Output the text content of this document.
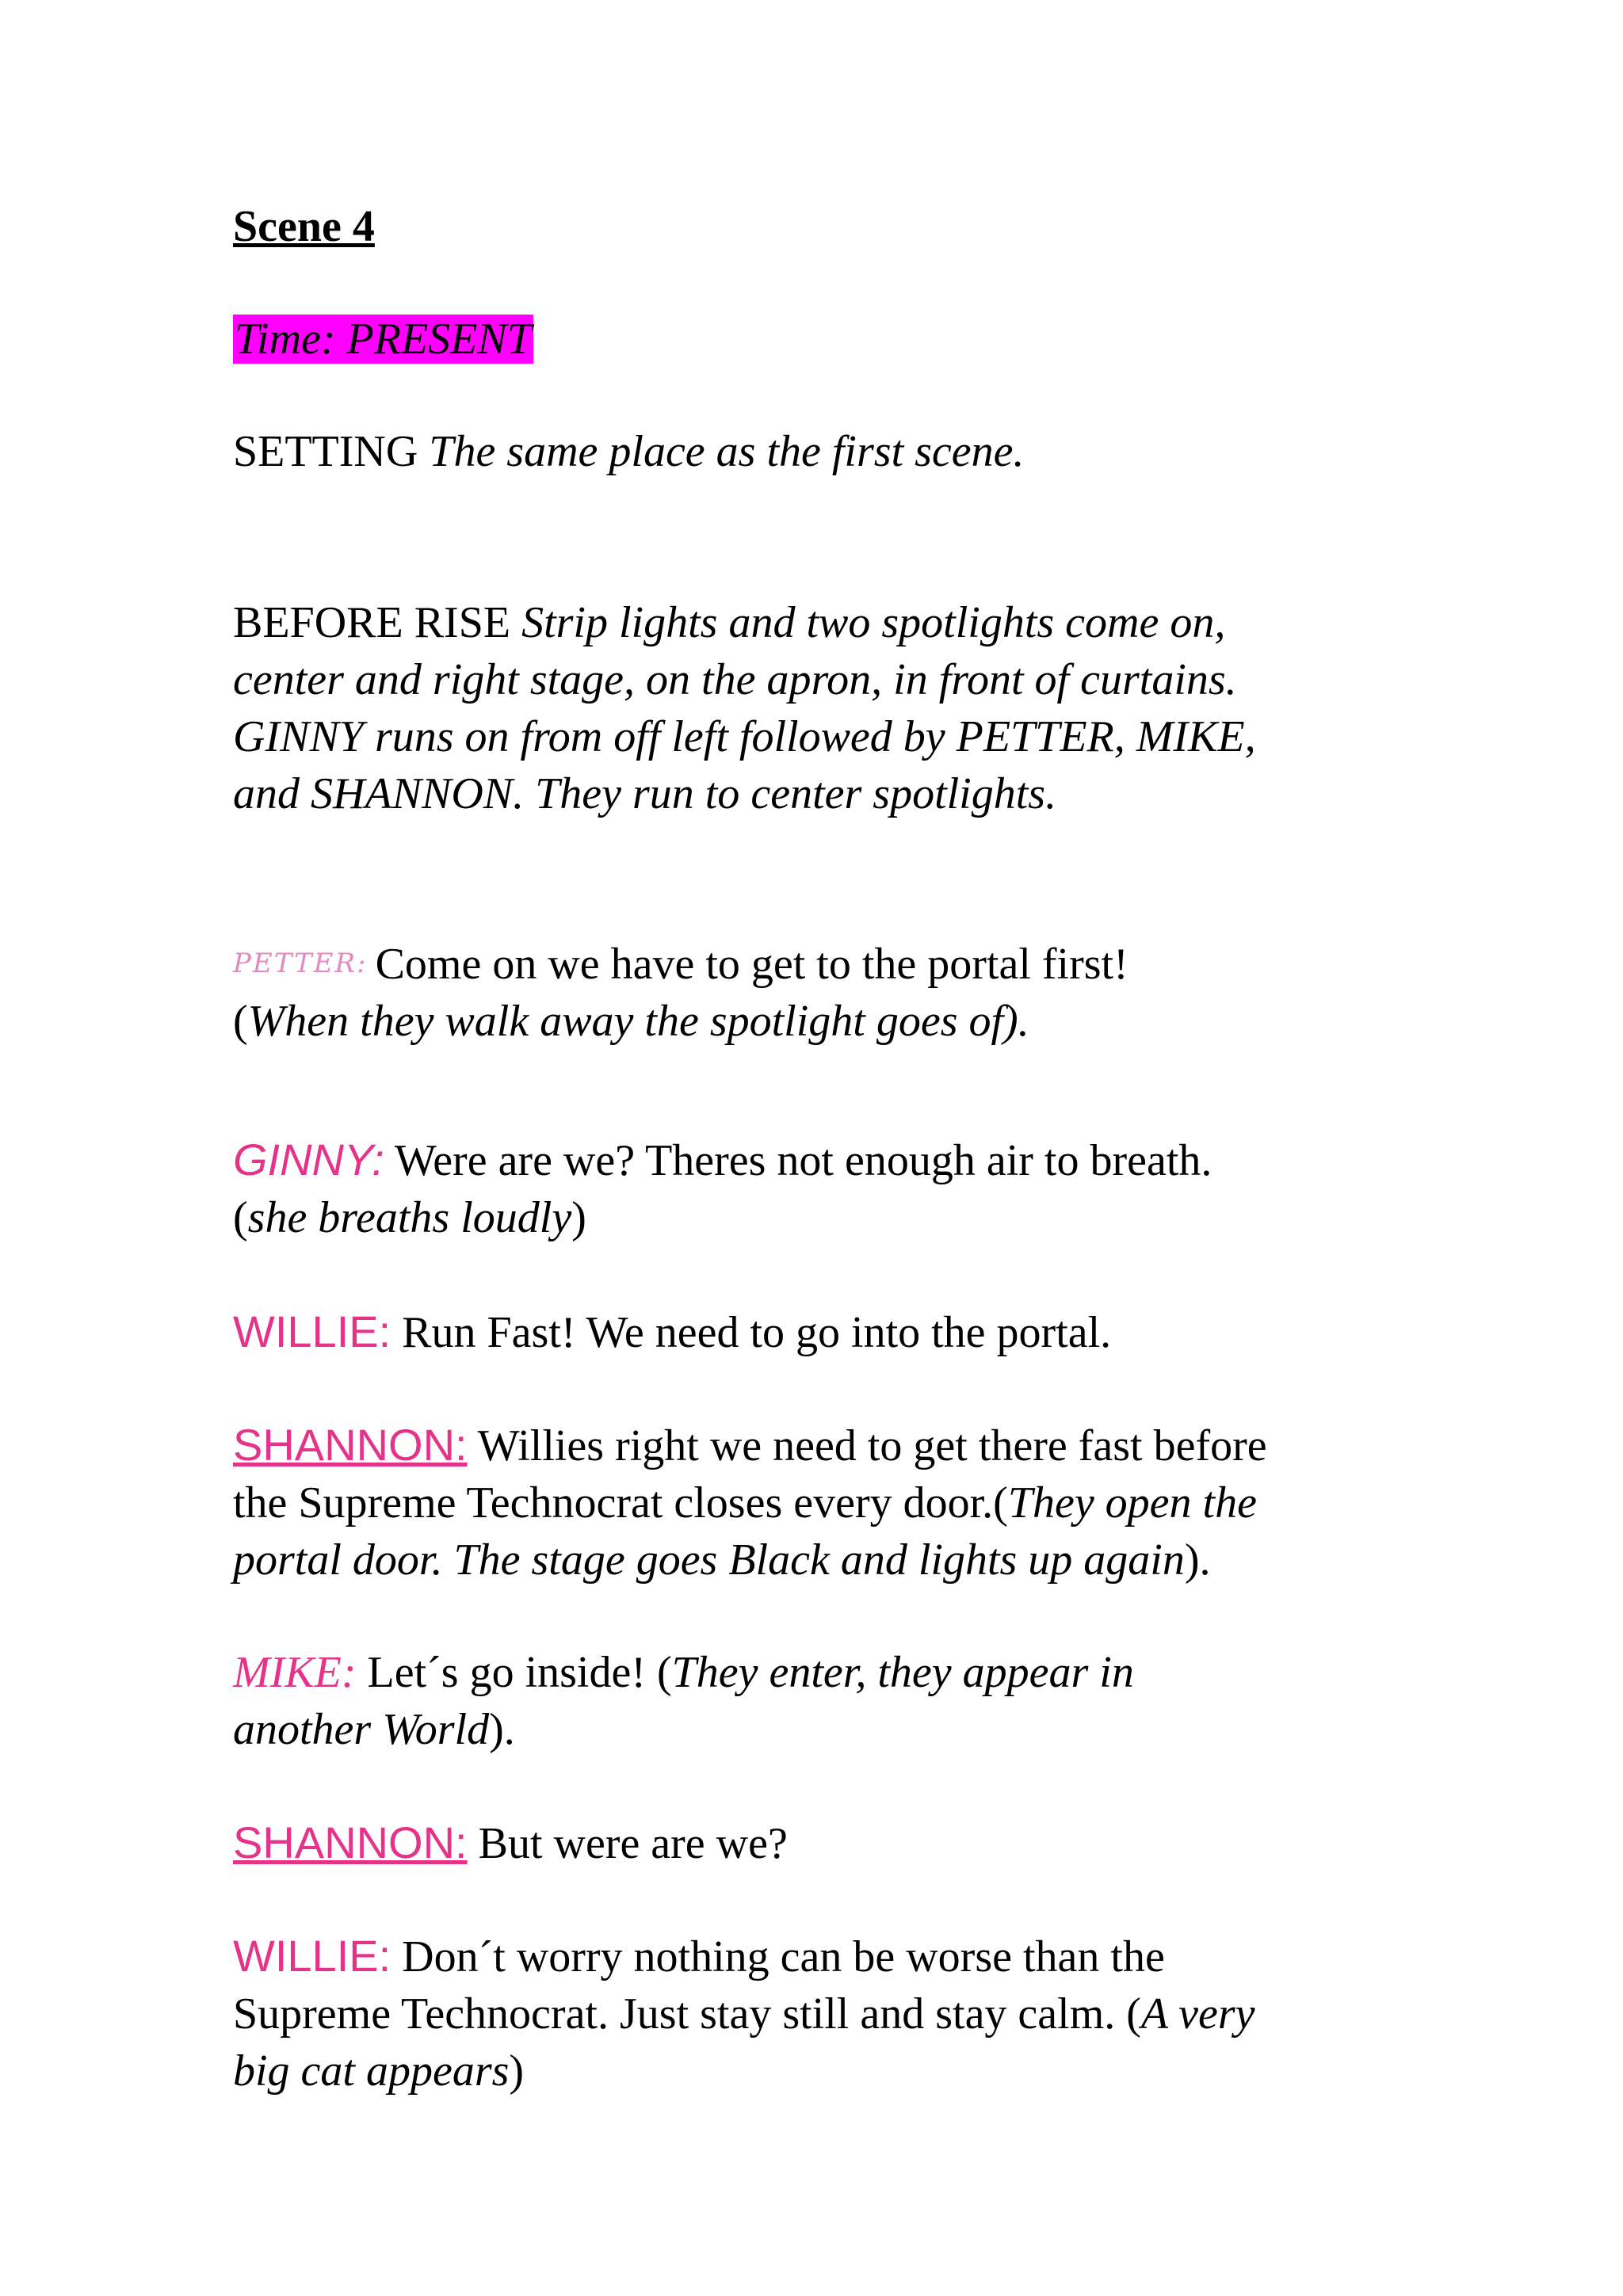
Scene 4
Time: PRESENT
SETTING The same place as the first scene.
BEFORE RISE Strip lights and two spotlights come on,
center and right stage, on the apron, in front of curtains.
GINNY runs on from off left followed by PETTER, MIKE,
and SHANNON. They run to center spotlights.
PETTER: Come on we have to get to the portal first!
(When they walk away the spotlight goes of).
GINNY: Were are we? Theres not enough air to breath.
(she breaths loudly)
WILLIE: Run Fast! We need to go into the portal.
SHANNON: Willies right we need to get there fast before
the Supreme Technocrat closes every door.(They open the
portal door. The stage goes Black and lights up again).
MIKE: Let´s go inside! (They enter, they appear in
another World).
SHANNON: But were are we?
WILLIE: Don´t worry nothing can be worse than the
Supreme Technocrat. Just stay still and stay calm. (A very
big cat appears)
